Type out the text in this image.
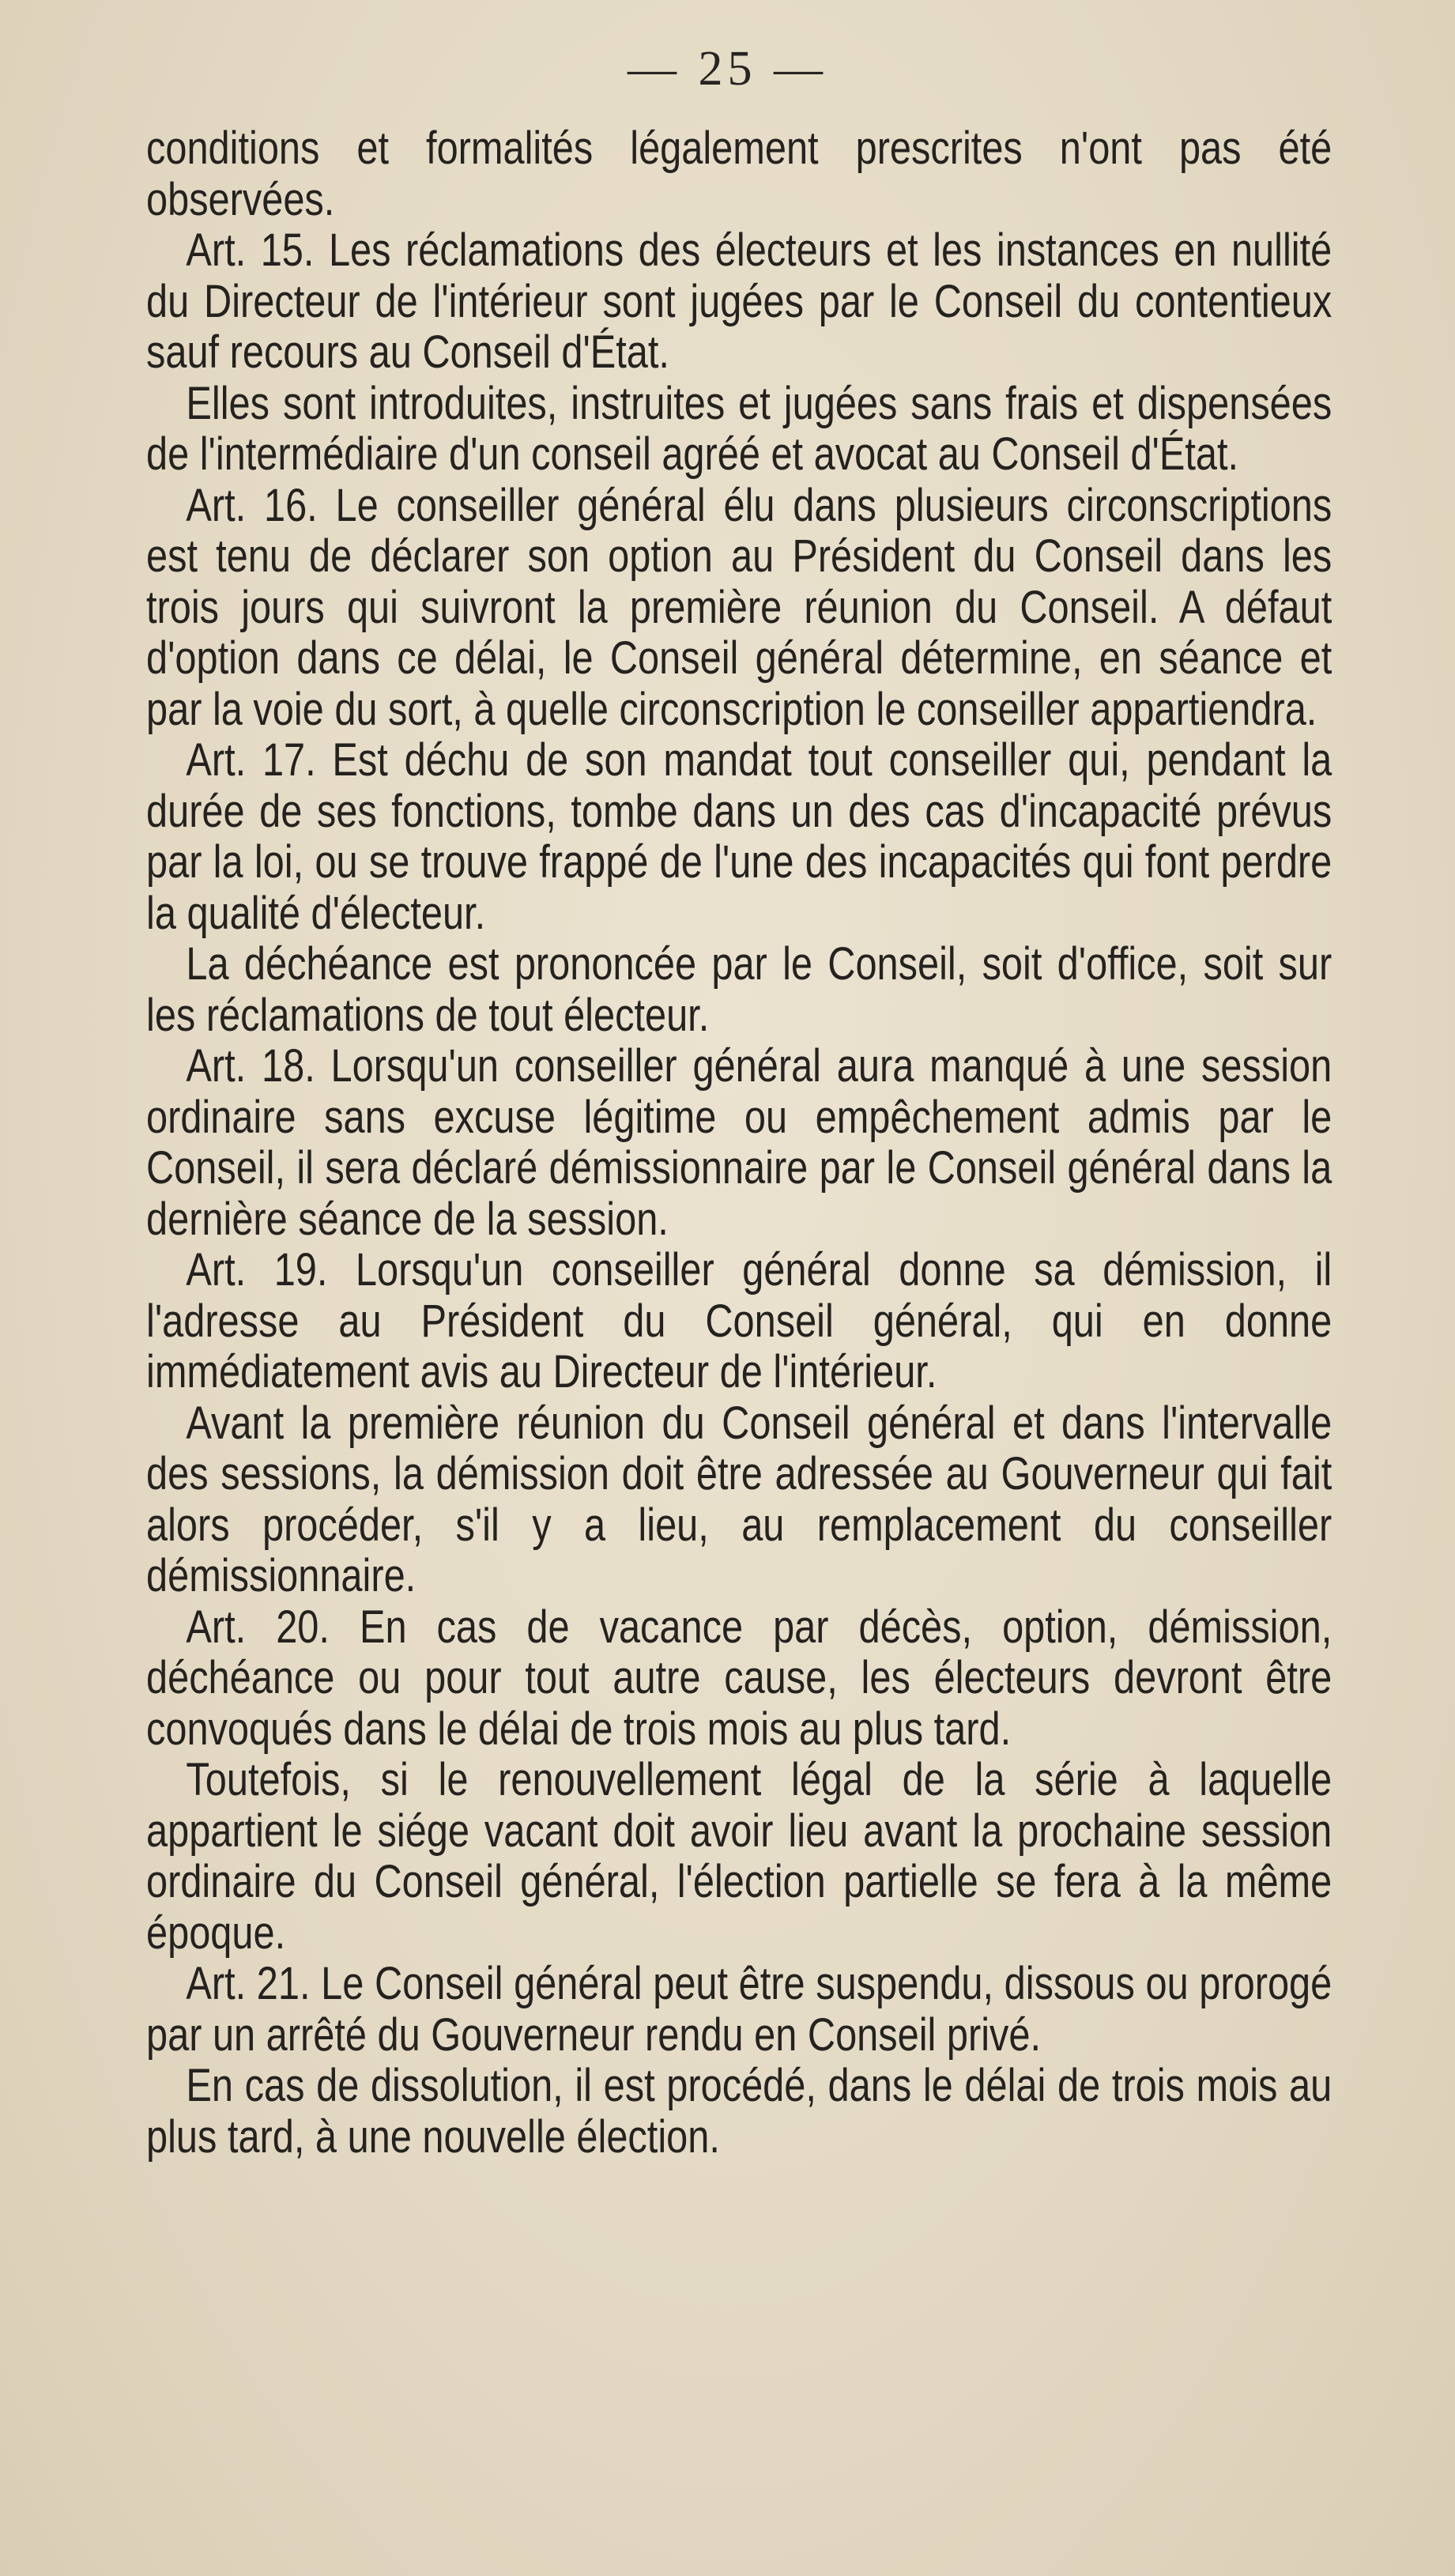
— 25 —

conditions et formalités légalement prescrites n'ont pas été observées.

Art. 15. Les réclamations des électeurs et les instances en nullité du Directeur de l'intérieur sont jugées par le Conseil du contentieux sauf recours au Conseil d'État.

Elles sont introduites, instruites et jugées sans frais et dispensées de l'intermédiaire d'un conseil agréé et avocat au Conseil d'État.

Art. 16. Le conseiller général élu dans plusieurs circonscriptions est tenu de déclarer son option au Président du Conseil dans les trois jours qui suivront la première réunion du Conseil. A défaut d'option dans ce délai, le Conseil général détermine, en séance et par la voie du sort, à quelle circonscription le conseiller appartiendra.

Art. 17. Est déchu de son mandat tout conseiller qui, pendant la durée de ses fonctions, tombe dans un des cas d'incapacité prévus par la loi, ou se trouve frappé de l'une des incapacités qui font perdre la qualité d'électeur.

La déchéance est prononcée par le Conseil, soit d'office, soit sur les réclamations de tout électeur.

Art. 18. Lorsqu'un conseiller général aura manqué à une session ordinaire sans excuse légitime ou empêchement admis par le Conseil, il sera déclaré démissionnaire par le Conseil général dans la dernière séance de la session.

Art. 19. Lorsqu'un conseiller général donne sa démission, il l'adresse au Président du Conseil général, qui en donne immédiatement avis au Directeur de l'intérieur.

Avant la première réunion du Conseil général et dans l'intervalle des sessions, la démission doit être adressée au Gouverneur qui fait alors procéder, s'il y a lieu, au remplacement du conseiller démissionnaire.

Art. 20. En cas de vacance par décès, option, démission, déchéance ou pour tout autre cause, les électeurs devront être convoqués dans le délai de trois mois au plus tard.

Toutefois, si le renouvellement légal de la série à laquelle appartient le siége vacant doit avoir lieu avant la prochaine session ordinaire du Conseil général, l'élection partielle se fera à la même époque.

Art. 21. Le Conseil général peut être suspendu, dissous ou prorogé par un arrêté du Gouverneur rendu en Conseil privé.

En cas de dissolution, il est procédé, dans le délai de trois mois au plus tard, à une nouvelle élection.
